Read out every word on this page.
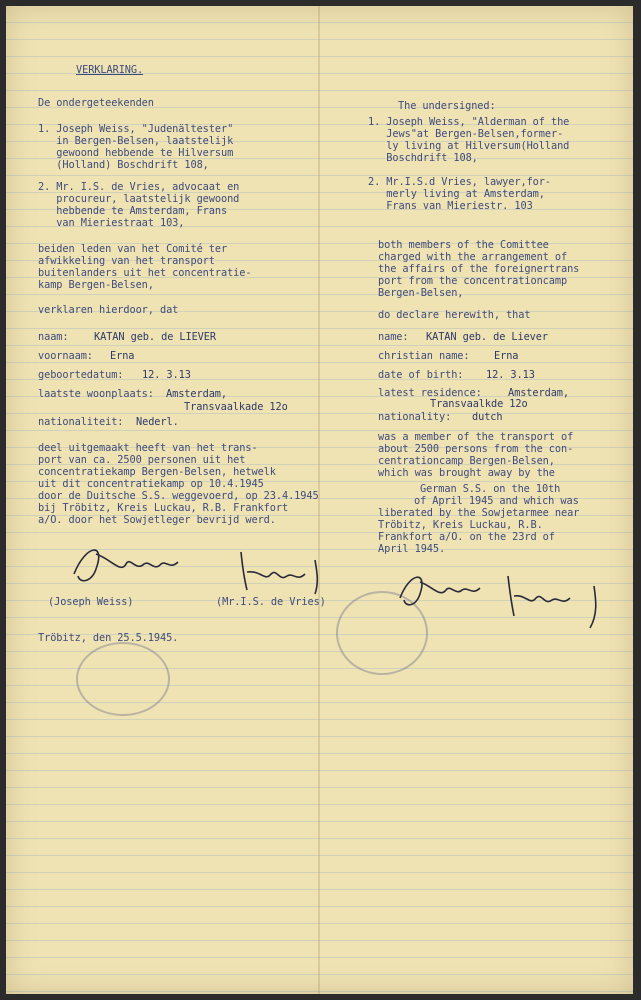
VERKLARING.
De ondergeteekenden
1. Joseph Weiss, "Judenältester"
in Bergen-Belsen, laatstelijk
gewoond hebbende te Hilversum
(Holland) Boschdrift 108,
2. Mr. I.S. de Vries, advocaat en
procureur, laatstelijk gewoond
hebbende te Amsterdam, Frans
van Mieriestraat 103,
beiden leden van het Comité ter
afwikkeling van het transport
buitenlanders uit het concentratie-
kamp Bergen-Belsen,
verklaren hierdoor, dat
naam: KATAN geb. de LIEVER
voornaam: Erna
geboortedatum: 12. 3.13
laatste woonplaats: Amsterdam,
Transvaalkade 12o
nationaliteit: Nederl.
deel uitgemaakt heeft van het trans-
port van ca. 2500 personen uit het
concentratiekamp Bergen-Belsen, hetwelk
uit dit concentratiekamp op 10.4.1945
door de Duitsche S.S. weggevoerd, op 23.4.1945
bij Tröbitz, Kreis Luckau, R.B. Frankfort
a/O. door het Sowjetleger bevrijd werd.
(Joseph Weiss)	(Mr.I.S. de Vries)
Tröbitz, den 25.5.1945.
The undersigned:
1. Joseph Weiss, "Alderman of the
Jews"at Bergen-Belsen,former-
ly living at Hilversum(Holland
Boschdrift 108,
2. Mr.I.S.d Vries, lawyer,for-
merly living at Amsterdam,
Frans van Mieriestr. 103
both members of the Comittee
charged with the arrangement of
the affairs of the foreignertrans
port from the concentrationcamp
Bergen-Belsen,
do declare herewith, that
name: KATAN geb. de Liever
christian name: Erna
date of birth: 12. 3.13
latest residence:	Amsterdam,
Transvaalkde 12o
nationality: dutch
was a member of the transport of
about 2500 persons from the con-
centrationcamp Bergen-Belsen,
which was brought away by the
German S.S. on the 10th
of April 1945 and which was
liberated by the Sowjetarmee near
Tröbitz, Kreis Luckau, R.B.
Frankfort a/O. on the 23rd of
April 1945.
